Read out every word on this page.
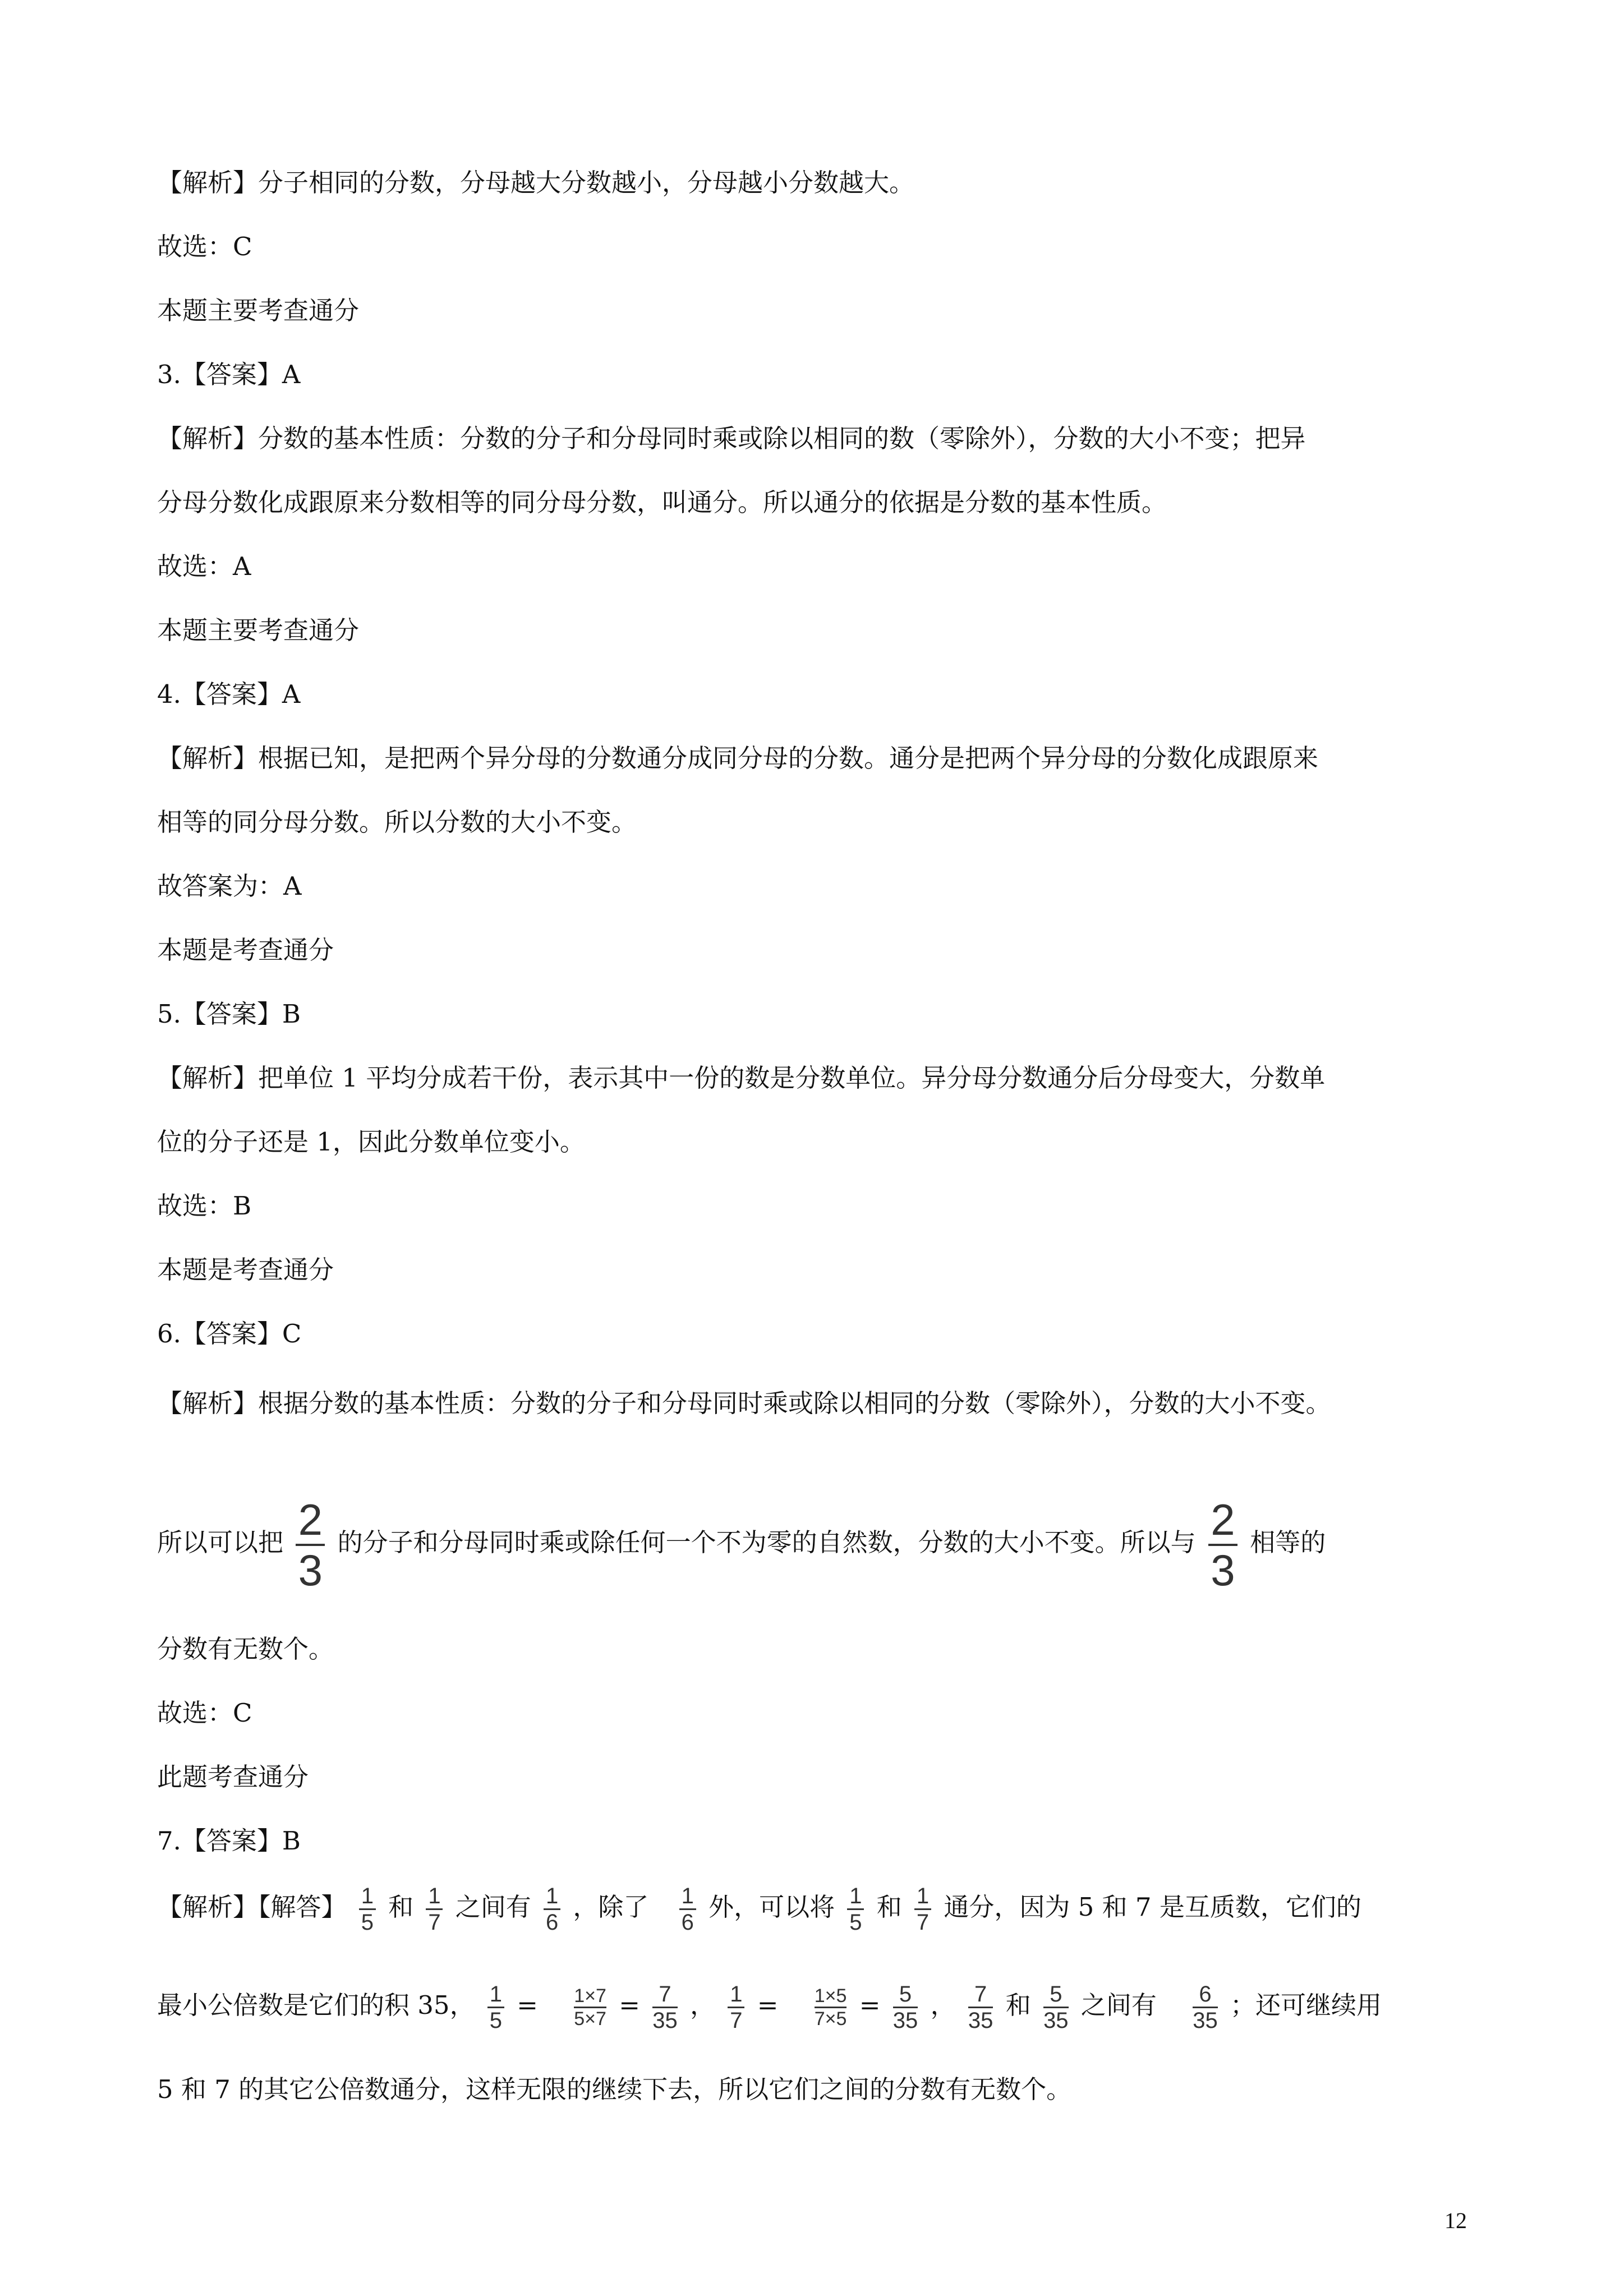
【解析】分子相同的分数，分母越大分数越小，分母越小分数越大。
故选：C
本题主要考查通分
3.【答案】A
【解析】分数的基本性质：分数的分子和分母同时乘或除以相同的数（零除外），分数的大小不变；把异
分母分数化成跟原来分数相等的同分母分数，叫通分。所以通分的依据是分数的基本性质。
故选：A
本题主要考查通分
4.【答案】A
【解析】根据已知，是把两个异分母的分数通分成同分母的分数。通分是把两个异分母的分数化成跟原来
相等的同分母分数。所以分数的大小不变。
故答案为：A
本题是考查通分
5.【答案】B
【解析】把单位 1 平均分成若干份，表示其中一份的数是分数单位。异分母分数通分后分母变大，分数单
位的分子还是 1，因此分数单位变小。
故选：B
本题是考查通分
6.【答案】C
【解析】根据分数的基本性质：分数的分子和分母同时乘或除以相同的分数（零除外），分数的大小不变。
所以可以把 $\frac{2}{3}$ 的分子和分母同时乘或除任何一个不为零的自然数，分数的大小不变。所以与 $\frac{2}{3}$ 相等的
分数有无数个。
故选：C
此题考查通分
7.【答案】B
【解析】【解答】 $\frac{1}{5}$ 和 $\frac{1}{7}$ 之间有 $\frac{1}{6}$ ，除了 $\frac{1}{6}$ 外，可以将 $\frac{1}{5}$ 和 $\frac{1}{7}$ 通分，因为 5 和 7 是互质数，它们的
最小公倍数是它们的积 35， $\frac{1}{5} = \frac{1\times 7}{5\times 7} = \frac{7}{35}$ ， $\frac{1}{7} = \frac{1\times 5}{7\times 5} = \frac{5}{35}$ ， $\frac{7}{35}$ 和 $\frac{5}{35}$ 之间有 $\frac{6}{35}$ ；还可继续用
5 和 7 的其它公倍数通分，这样无限的继续下去，所以它们之间的分数有无数个。
12
